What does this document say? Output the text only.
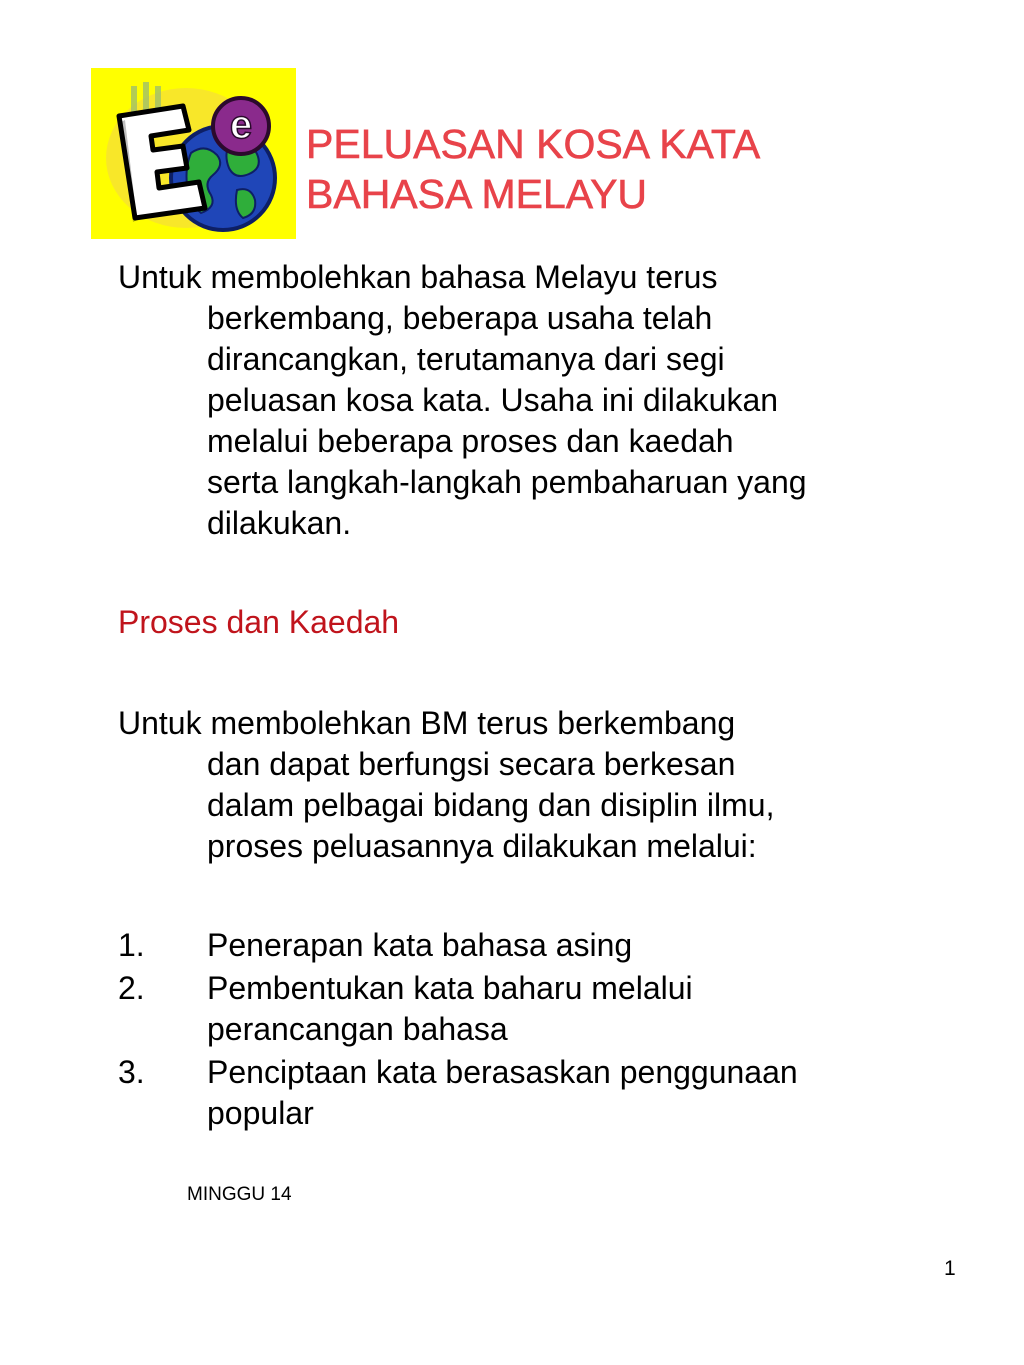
e PELUASAN KOSA KATA
BAHASA MELAYU
Untuk membolehkan bahasa Melayu terus
berkembang, beberapa usaha telah
dirancangkan, terutamanya dari segi
peluasan kosa kata. Usaha ini dilakukan
melalui beberapa proses dan kaedah
serta langkah-langkah pembaharuan yang
dilakukan.
Proses dan Kaedah
Untuk membolehkan BM terus berkembang
dan dapat berfungsi secara berkesan
dalam pelbagai bidang dan disiplin ilmu,
proses peluasannya dilakukan melalui:
1. Penerapan kata bahasa asing
2. Pembentukan kata baharu melalui
perancangan bahasa
3. Penciptaan kata berasaskan penggunaan
popular
MINGGU 14
1
